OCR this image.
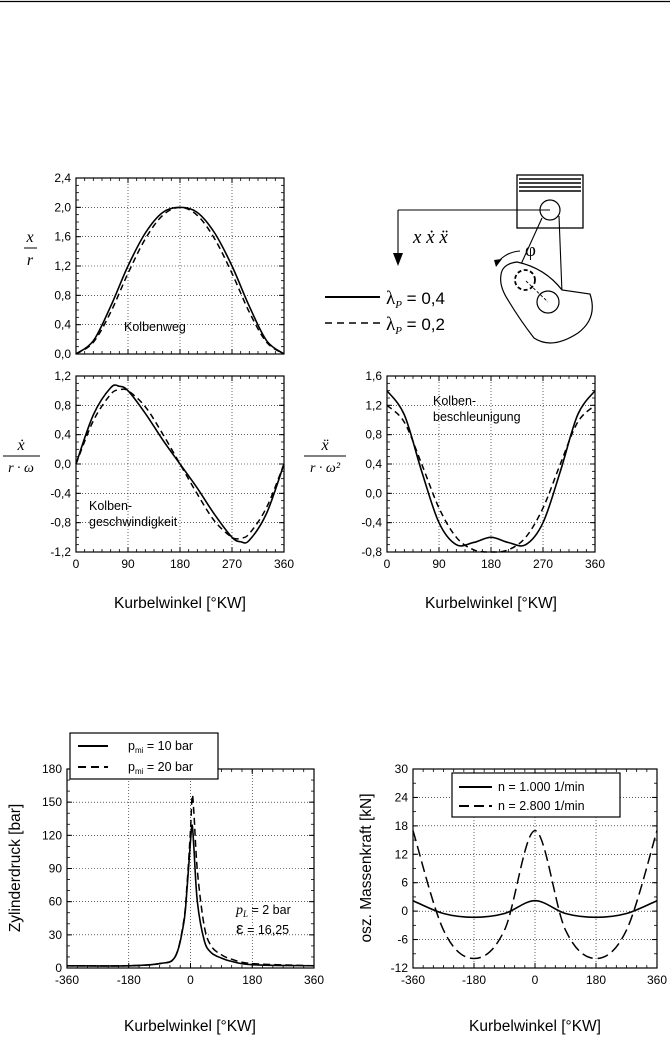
0,0
0,4
0,8
1,2
1,6
2,0
2,4
x
r
Kolbenweg
-1,2
-0,8
-0,4
0,0
0,4
0,8
1,2
0	90	180	270	360
Kurbelwinkel [°KW]
ẋ
r · ω
Kolben-
geschwindigkeit
-0,8
-0,4
0,0
0,4
0,8
1,2
1,6
0	90	180	270	360
Kurbelwinkel [°KW]
ẍ
r · ω²
Kolben-
beschleunigung
x ẋ ẍ
φ
$\lambda_P = 0,4$
$\lambda_P = 0,2$
0
30
60
90
120
150
180
-360	-180	0	180	360
Kurbelwinkel [°KW]
Zylinderdruck [bar]
$p_{mi} = 10$ bar
$p_{mi} = 20$ bar
$p_L = 2$ bar
ε = 16,25
-12
-6
0
6
12
18
24
30
-360	-180	0	180	360
Kurbelwinkel [°KW]
osz. Massenkraft [kN]
n = 1.000 1/min
n = 2.800 1/min
